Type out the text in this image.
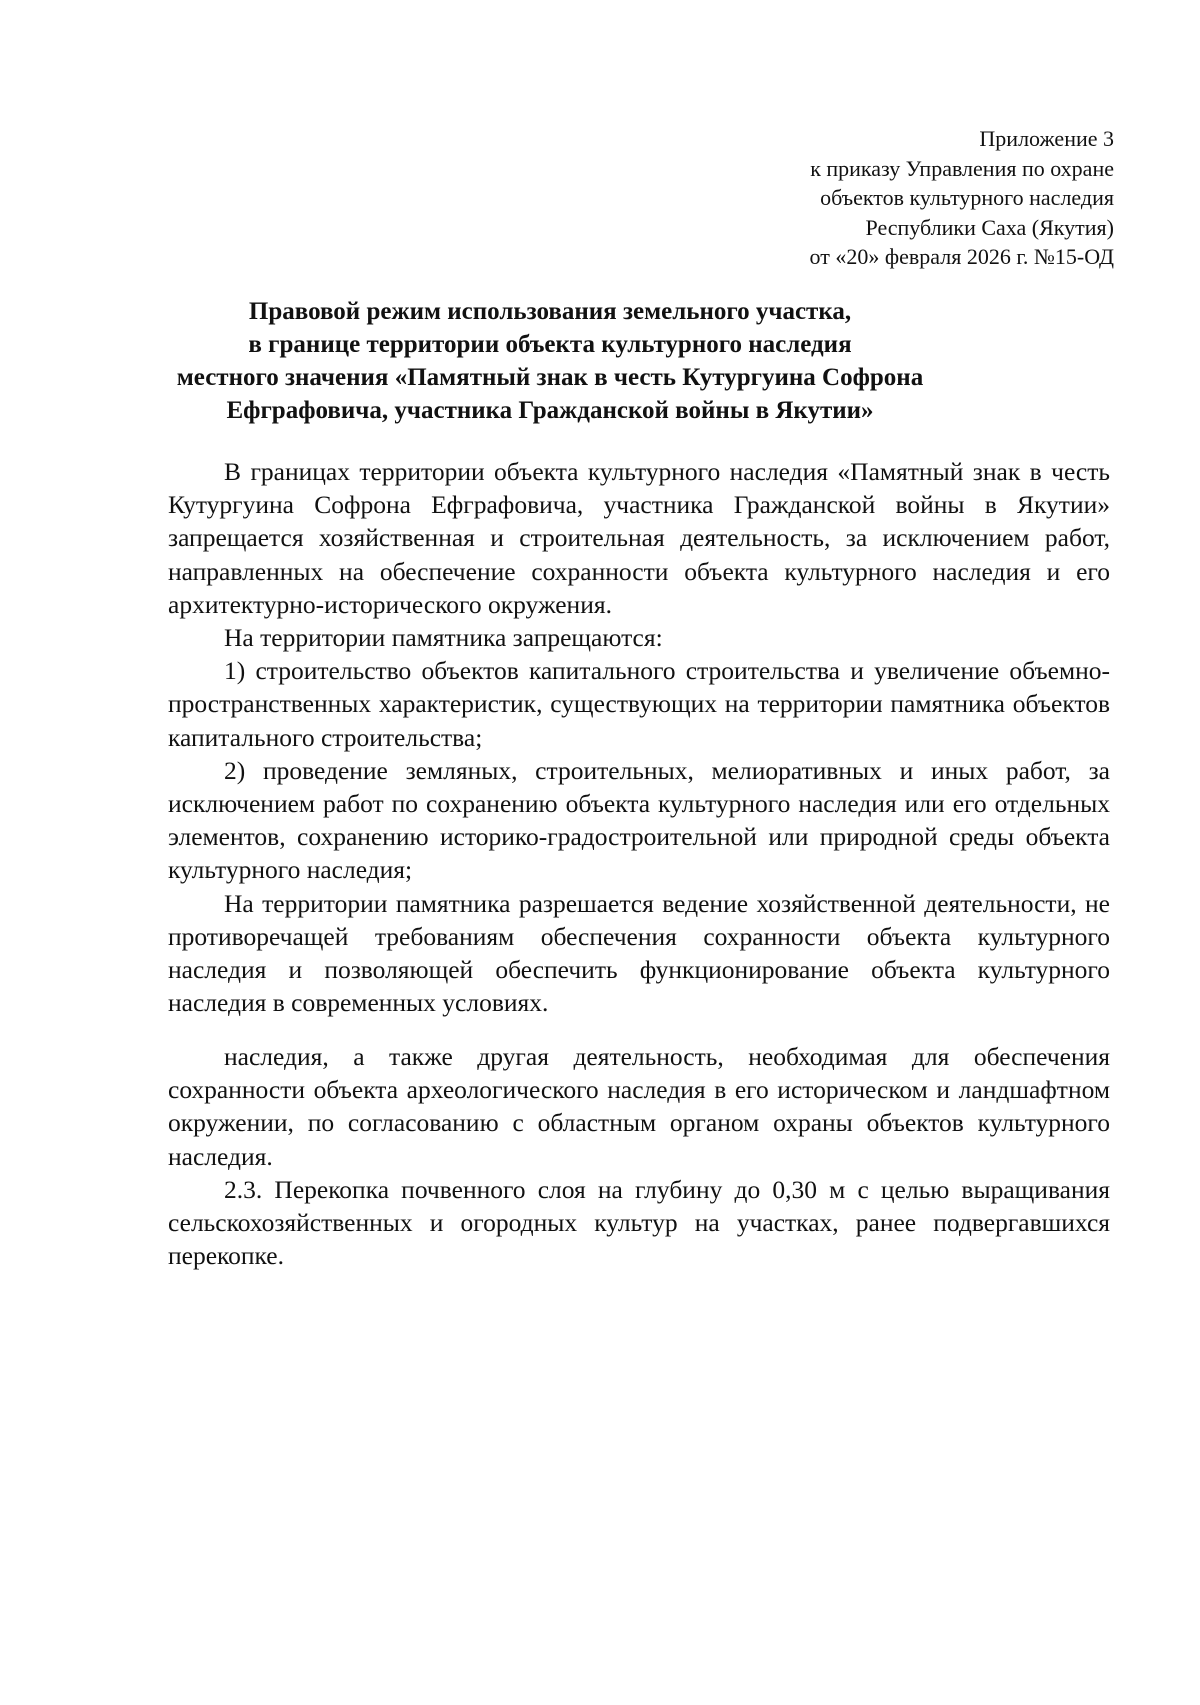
Приложение 3
к приказу Управления по охране
объектов культурного наследия
Республики Саха (Якутия)
от «20» февраля 2026 г. №15-ОД
Правовой режим использования земельного участка,
в границе территории объекта культурного наследия
местного значения «Памятный знак в честь Кутургуина Софрона
Ефграфовича, участника Гражданской войны в Якутии»

В границах территории объекта культурного наследия «Памятный знак в честь Кутургуина Софрона Ефграфовича, участника Гражданской войны в Якутии» запрещается хозяйственная и строительная деятельность, за исключением работ, направленных на обеспечение сохранности объекта культурного наследия и его архитектурно-исторического окружения.

На территории памятника запрещаются:

1) строительство объектов капитального строительства и увеличение объемно-пространственных характеристик, существующих на территории памятника объектов капитального строительства;

2) проведение земляных, строительных, мелиоративных и иных работ, за исключением работ по сохранению объекта культурного наследия или его отдельных элементов, сохранению историко-градостроительной или природной среды объекта культурного наследия;

На территории памятника разрешается ведение хозяйственной деятельности, не противоречащей требованиям обеспечения сохранности объекта культурного наследия и позволяющей обеспечить функционирование объекта культурного наследия в современных условиях.

наследия, а также другая деятельность, необходимая для обеспечения сохранности объекта археологического наследия в его историческом и ландшафтном окружении, по согласованию с областным органом охраны объектов культурного наследия.

2.3. Перекопка почвенного слоя на глубину до 0,30 м с целью выращивания сельскохозяйственных и огородных культур на участках, ранее подвергавшихся перекопке.
